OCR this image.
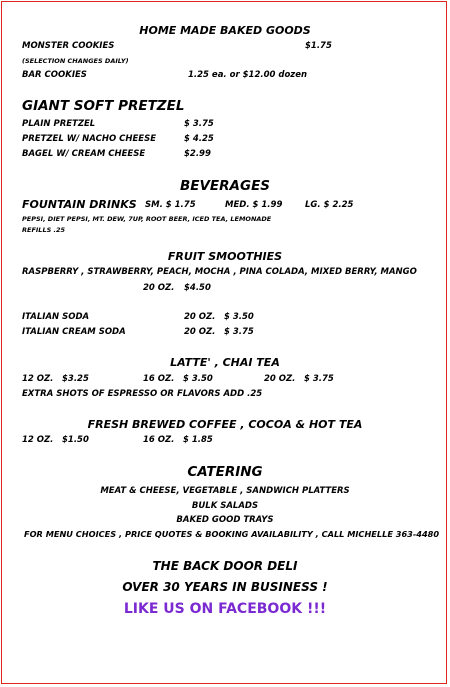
HOME MADE BAKED GOODS
MONSTER COOKIES	$1.75
(SELECTION CHANGES DAILY)
BAR COOKIES	1.25 ea. or $12.00 dozen
GIANT SOFT PRETZEL
PLAIN PRETZEL	$ 3.75
PRETZEL W/ NACHO CHEESE	$ 4.25
BAGEL W/ CREAM CHEESE	$2.99
BEVERAGES
FOUNTAIN DRINKS SM. $ 1.75	MED. $ 1.99	LG. $ 2.25
PEPSI, DIET PEPSI, MT. DEW, 7UP, ROOT BEER, ICED TEA, LEMONADE
REFILLS .25
FRUIT SMOOTHIES
RASPBERRY , STRAWBERRY, PEACH, MOCHA , PINA COLADA, MIXED BERRY, MANGO
20 OZ. $4.50
ITALIAN SODA	20 OZ. $ 3.50
ITALIAN CREAM SODA	20 OZ. $ 3.75
LATTE' , CHAI TEA
12 OZ. $3.25	16 OZ. $ 3.50	20 OZ. $ 3.75
EXTRA SHOTS OF ESPRESSO OR FLAVORS ADD .25
FRESH BREWED COFFEE , COCOA & HOT TEA
12 OZ. $1.50	16 OZ. $ 1.85
CATERING
MEAT & CHEESE, VEGETABLE , SANDWICH PLATTERS
BULK SALADS
BAKED GOOD TRAYS
FOR MENU CHOICES , PRICE QUOTES & BOOKING AVAILABILITY , CALL MICHELLE 363-4480
THE BACK DOOR DELI
OVER 30 YEARS IN BUSINESS !
LIKE US ON FACEBOOK !!!
